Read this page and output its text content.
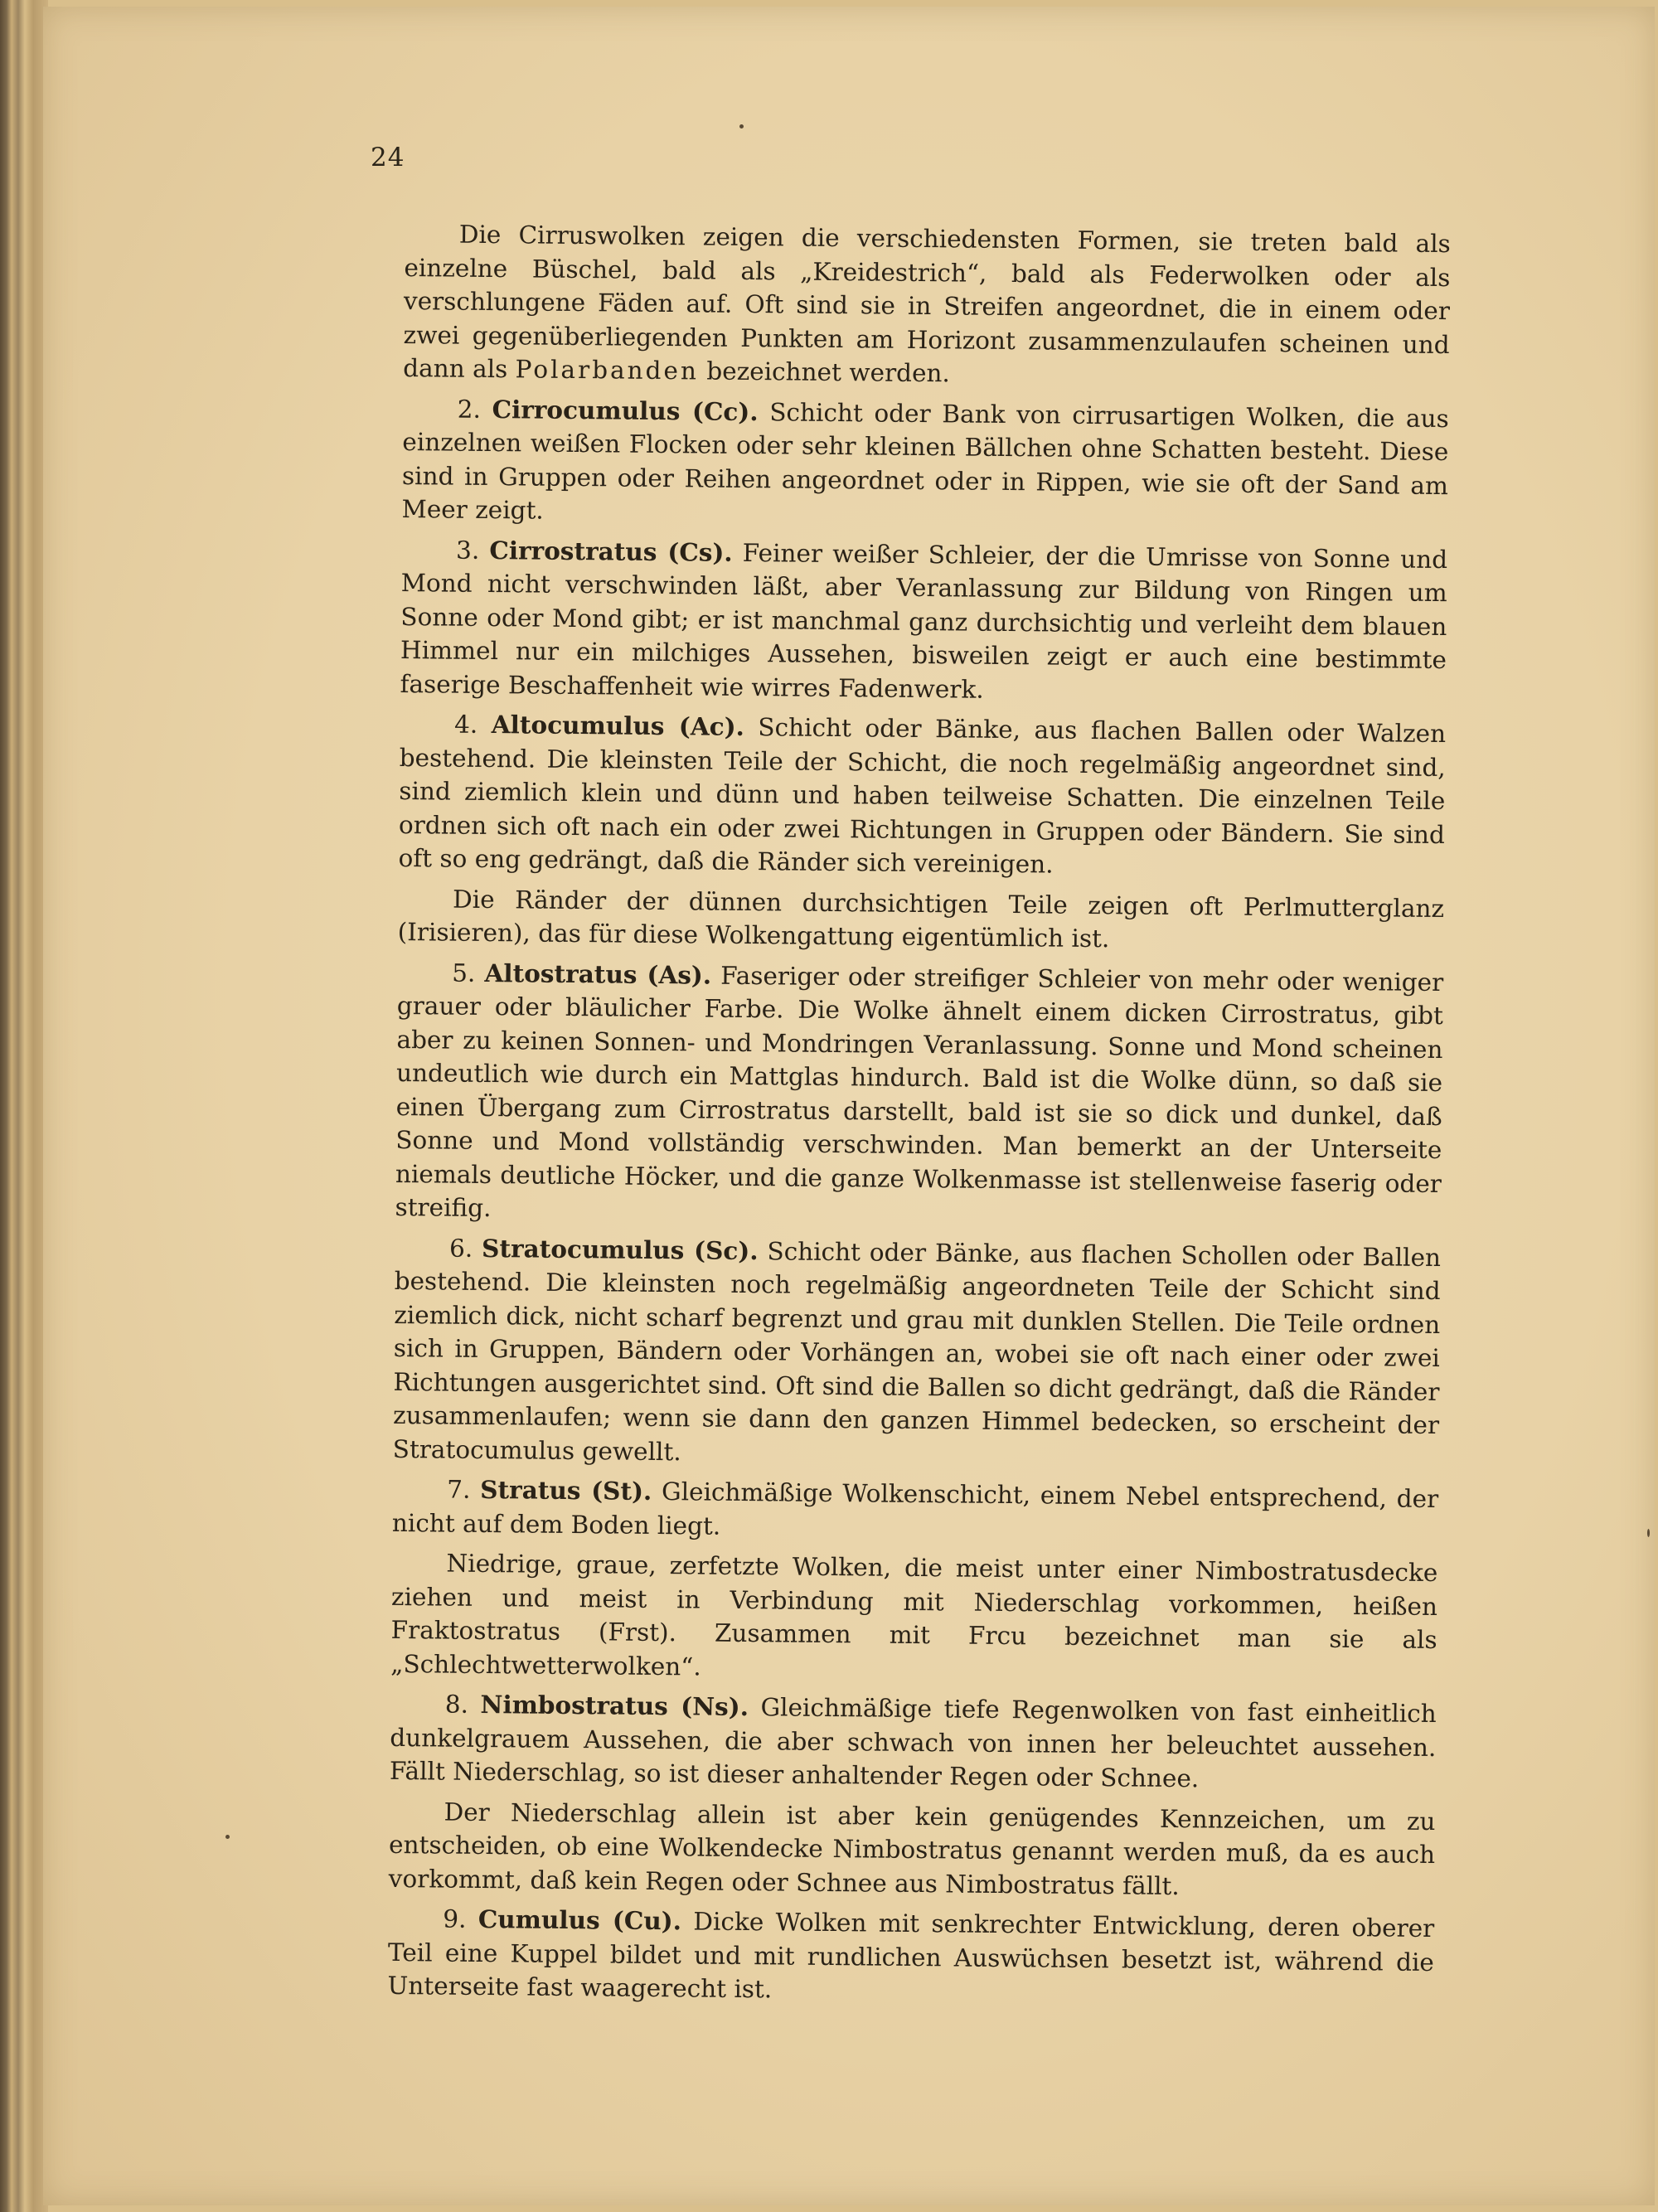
24

Die Cirruswolken zeigen die verschiedensten Formen, sie treten bald als einzelne Büschel, bald als „Kreidestrich“, bald als Federwolken oder als verschlungene Fäden auf. Oft sind sie in Streifen angeordnet, die in einem oder zwei gegenüberliegenden Punkten am Horizont zusammenzulaufen scheinen und dann als Polarbanden bezeichnet werden.

2. Cirrocumulus (Cc). Schicht oder Bank von cirrusartigen Wolken, die aus einzelnen weißen Flocken oder sehr kleinen Bällchen ohne Schatten besteht. Diese sind in Gruppen oder Reihen angeordnet oder in Rippen, wie sie oft der Sand am Meer zeigt.

3. Cirrostratus (Cs). Feiner weißer Schleier, der die Umrisse von Sonne und Mond nicht verschwinden läßt, aber Veranlassung zur Bildung von Ringen um Sonne oder Mond gibt; er ist manchmal ganz durchsichtig und verleiht dem blauen Himmel nur ein milchiges Aussehen, bisweilen zeigt er auch eine bestimmte faserige Beschaffenheit wie wirres Fadenwerk.

4. Altocumulus (Ac). Schicht oder Bänke, aus flachen Ballen oder Walzen bestehend. Die kleinsten Teile der Schicht, die noch regelmäßig angeordnet sind, sind ziemlich klein und dünn und haben teilweise Schatten. Die einzelnen Teile ordnen sich oft nach ein oder zwei Richtungen in Gruppen oder Bändern. Sie sind oft so eng gedrängt, daß die Ränder sich vereinigen.

Die Ränder der dünnen durchsichtigen Teile zeigen oft Perlmutterglanz (Irisieren), das für diese Wolkengattung eigentümlich ist.

5. Altostratus (As). Faseriger oder streifiger Schleier von mehr oder weniger grauer oder bläulicher Farbe. Die Wolke ähnelt einem dicken Cirrostratus, gibt aber zu keinen Sonnen- und Mondringen Veranlassung. Sonne und Mond scheinen undeutlich wie durch ein Mattglas hindurch. Bald ist die Wolke dünn, so daß sie einen Übergang zum Cirrostratus darstellt, bald ist sie so dick und dunkel, daß Sonne und Mond vollständig verschwinden. Man bemerkt an der Unterseite niemals deutliche Höcker, und die ganze Wolkenmasse ist stellenweise faserig oder streifig.

6. Stratocumulus (Sc). Schicht oder Bänke, aus flachen Schollen oder Ballen bestehend. Die kleinsten noch regelmäßig angeordneten Teile der Schicht sind ziemlich dick, nicht scharf begrenzt und grau mit dunklen Stellen. Die Teile ordnen sich in Gruppen, Bändern oder Vorhängen an, wobei sie oft nach einer oder zwei Richtungen ausgerichtet sind. Oft sind die Ballen so dicht gedrängt, daß die Ränder zusammenlaufen; wenn sie dann den ganzen Himmel bedecken, so erscheint der Stratocumulus gewellt.

7. Stratus (St). Gleichmäßige Wolkenschicht, einem Nebel entsprechend, der nicht auf dem Boden liegt.

Niedrige, graue, zerfetzte Wolken, die meist unter einer Nimbostratusdecke ziehen und meist in Verbindung mit Niederschlag vorkommen, heißen Fraktostratus (Frst). Zusammen mit Frcu bezeichnet man sie als „Schlechtwetterwolken“.

8. Nimbostratus (Ns). Gleichmäßige tiefe Regenwolken von fast einheitlich dunkelgrauem Aussehen, die aber schwach von innen her beleuchtet aussehen. Fällt Niederschlag, so ist dieser anhaltender Regen oder Schnee.

Der Niederschlag allein ist aber kein genügendes Kennzeichen, um zu entscheiden, ob eine Wolkendecke Nimbostratus genannt werden muß, da es auch vorkommt, daß kein Regen oder Schnee aus Nimbostratus fällt.

9. Cumulus (Cu). Dicke Wolken mit senkrechter Entwicklung, deren oberer Teil eine Kuppel bildet und mit rundlichen Auswüchsen besetzt ist, während die Unterseite fast waagerecht ist.
